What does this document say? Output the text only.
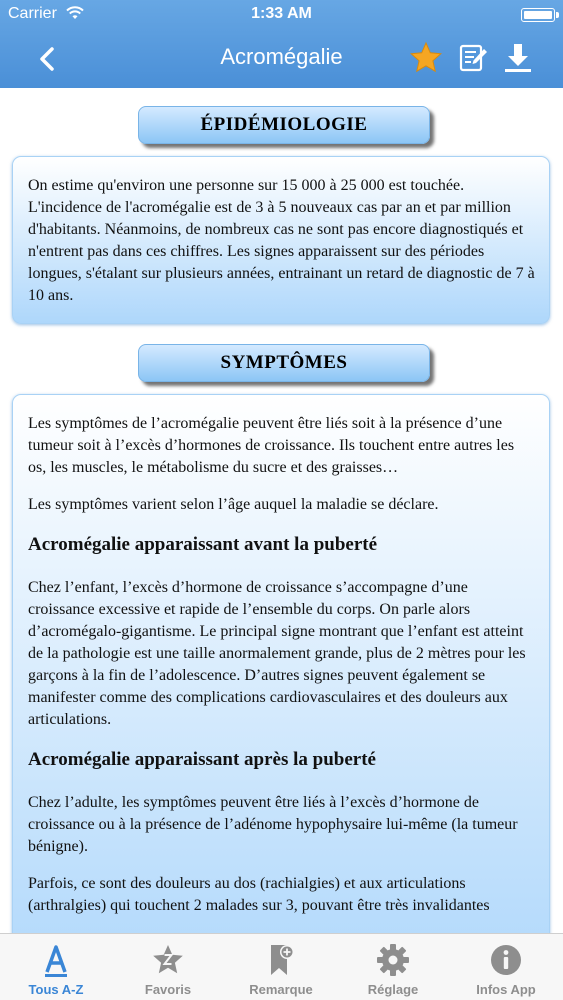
Carrier	1:33 AM
Acromégalie
ÉPIDÉMIOLOGIE

On estime qu'environ une personne sur 15 000 à 25 000 est touchée. L'incidence de l'acromégalie est de 3 à 5 nouveaux cas par an et par million d'habitants. Néanmoins, de nombreux cas ne sont pas encore diagnostiqués et n'entrent pas dans ces chiffres. Les signes apparaissent sur des périodes longues, s'étalant sur plusieurs années, entrainant un retard de diagnostic de 7 à 10 ans.

SYMPTÔMES

Les symptômes de l’acromégalie peuvent être liés soit à la présence d’une tumeur soit à l’excès d’hormones de croissance. Ils touchent entre autres les os, les muscles, le métabolisme du sucre et des graisses…

Les symptômes varient selon l’âge auquel la maladie se déclare.

Acromégalie apparaissant avant la puberté

Chez l’enfant, l’excès d’hormone de croissance s’accompagne d’une croissance excessive et rapide de l’ensemble du corps. On parle alors d’acromégalo-gigantisme. Le principal signe montrant que l’enfant est atteint de la pathologie est une taille anormalement grande, plus de 2 mètres pour les garçons à la fin de l’adolescence. D’autres signes peuvent également se manifester comme des complications cardiovasculaires et des douleurs aux articulations.

Acromégalie apparaissant après la puberté

Chez l’adulte, les symptômes peuvent être liés à l’excès d’hormone de croissance ou à la présence de l’adénome hypophysaire lui-même (la tumeur bénigne).

Parfois, ce sont des douleurs au dos (rachialgies) et aux articulations (arthralgies) qui touchent 2 malades sur 3, pouvant être très invalidantes

Tous A-Z	Favoris	Remarque	Réglage	Infos App
